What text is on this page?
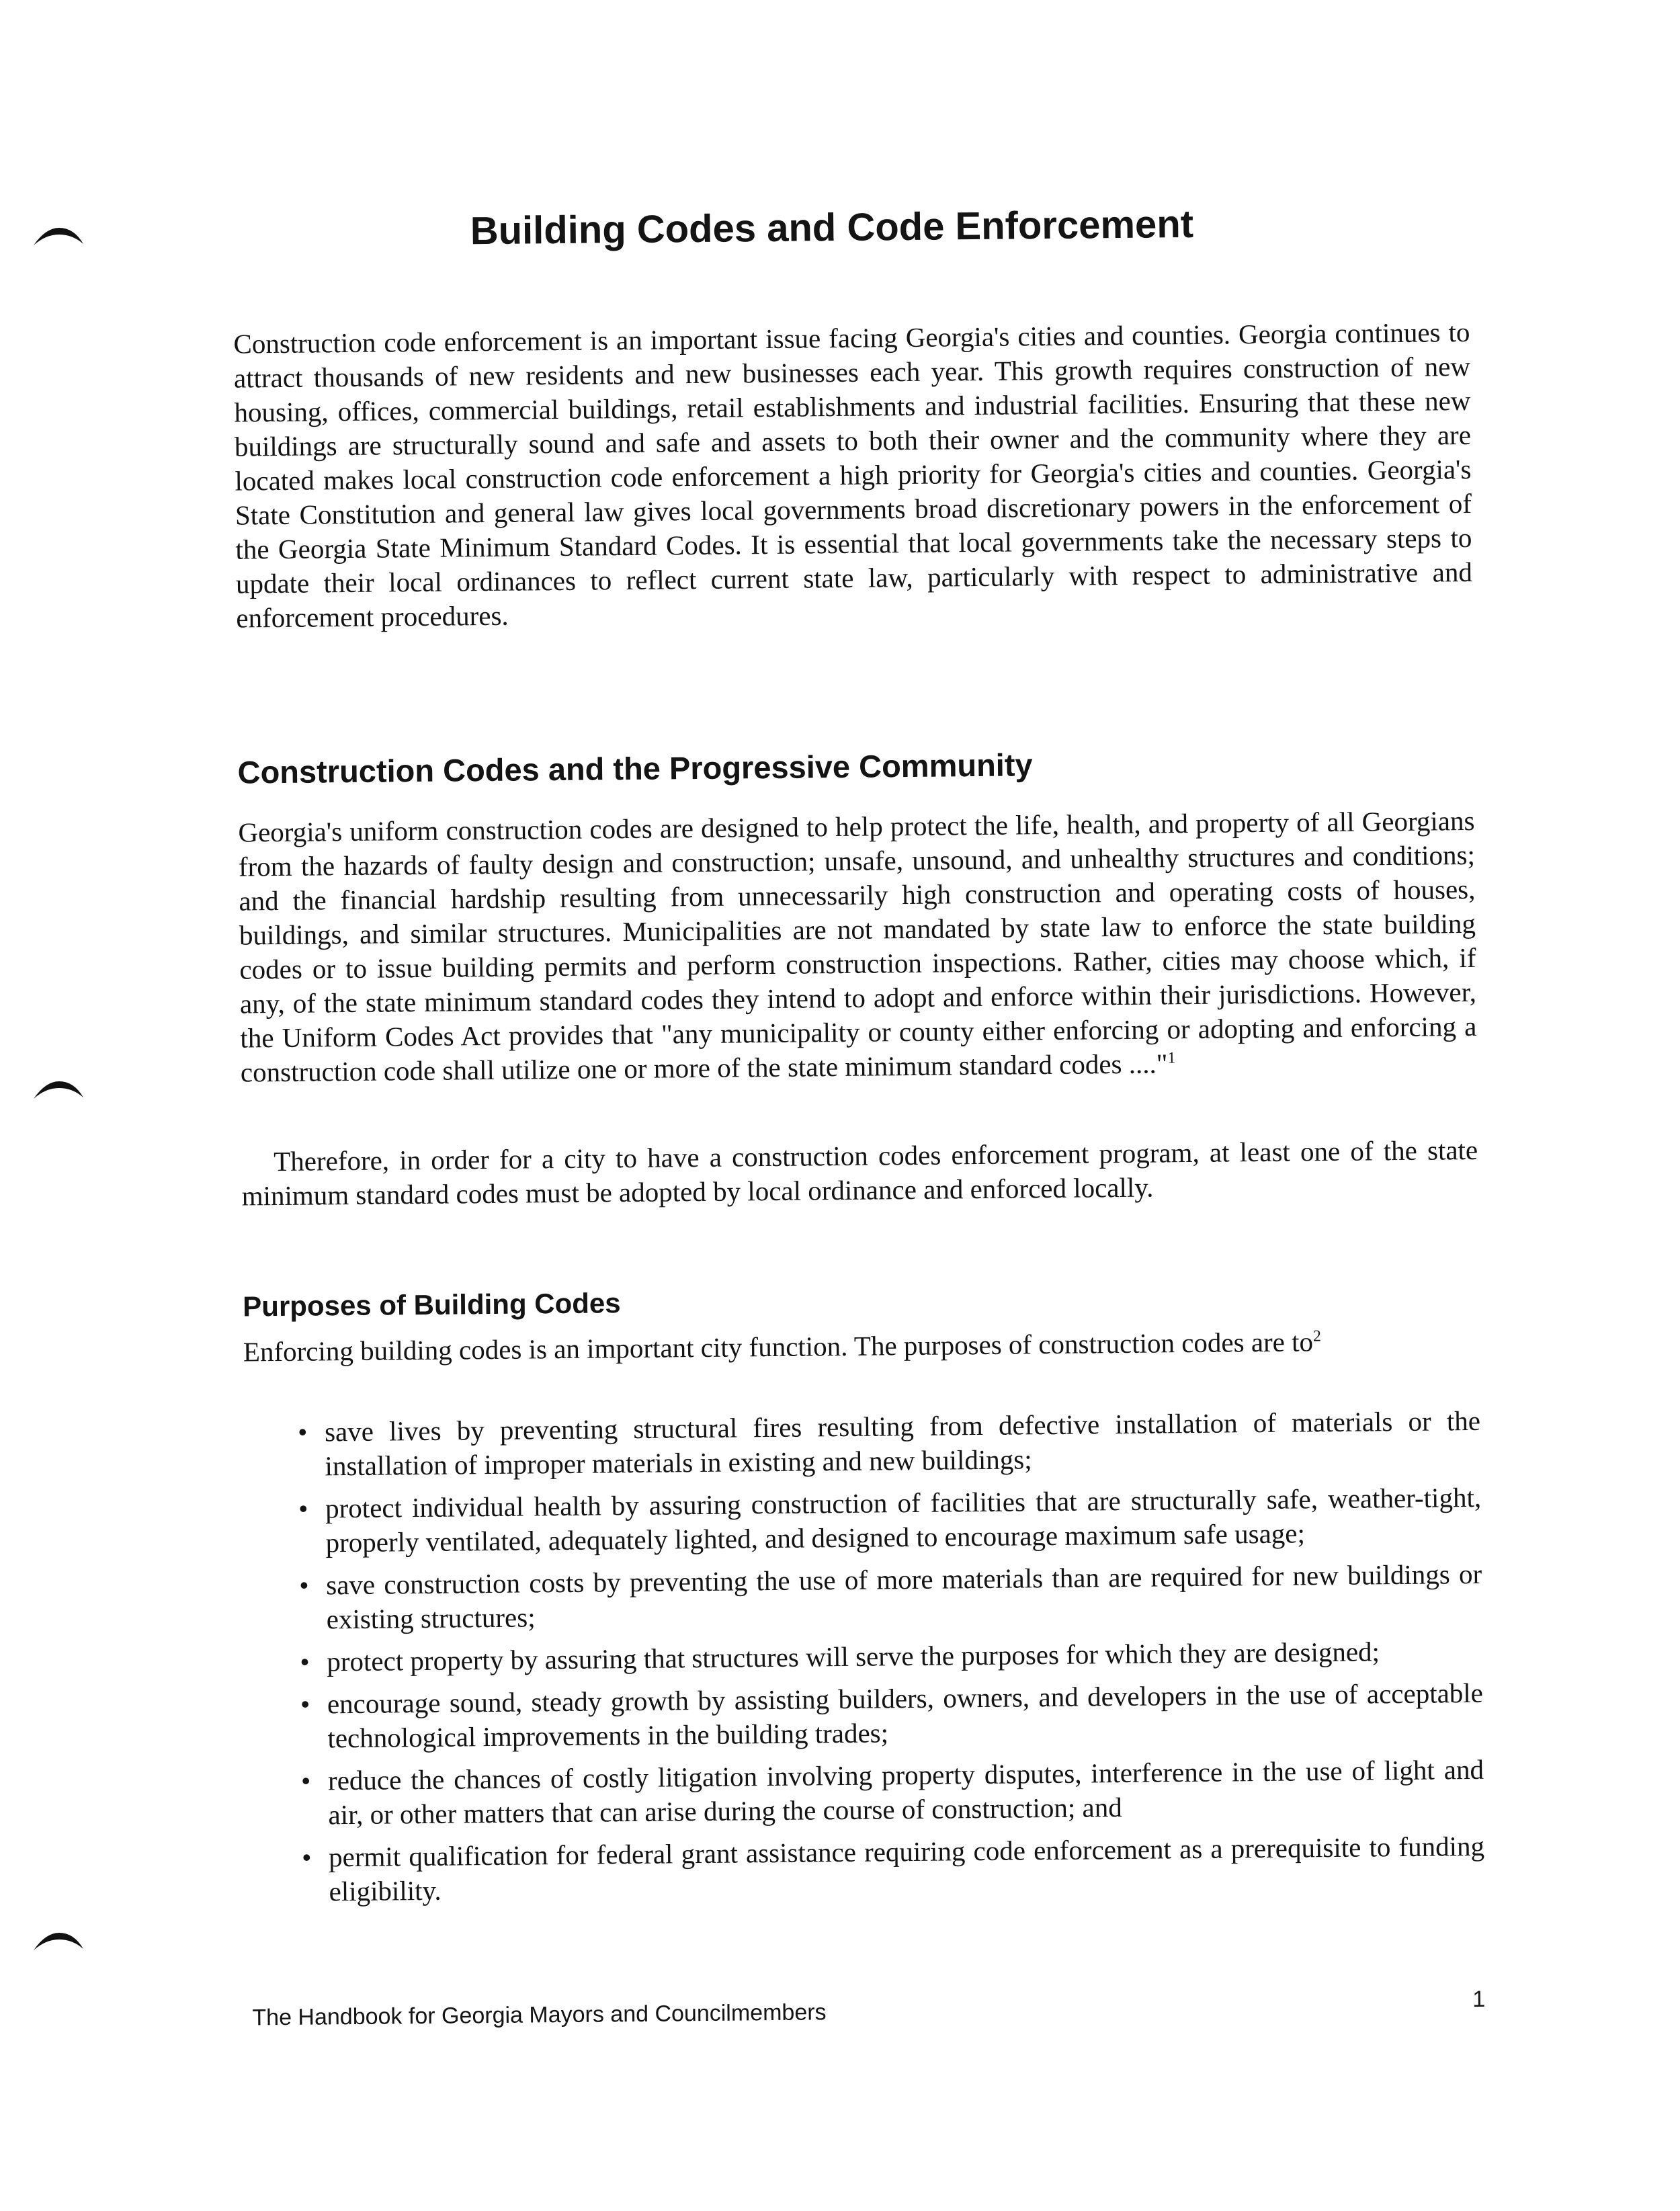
Building Codes and Code Enforcement

Construction code enforcement is an important issue facing Georgia's cities and counties. Georgia continues to attract thousands of new residents and new businesses each year. This growth requires construction of new housing, offices, commercial buildings, retail establishments and industrial facilities. Ensuring that these new buildings are structurally sound and safe and assets to both their owner and the community where they are located makes local construction code enforcement a high priority for Georgia's cities and counties. Georgia's State Constitution and general law gives local governments broad discretionary powers in the enforcement of the Georgia State Minimum Standard Codes. It is essential that local governments take the necessary steps to update their local ordinances to reflect current state law, particularly with respect to administrative and enforcement procedures.

Construction Codes and the Progressive Community

Georgia's uniform construction codes are designed to help protect the life, health, and property of all Georgians from the hazards of faulty design and construction; unsafe, unsound, and unhealthy structures and conditions; and the financial hardship resulting from unnecessarily high construction and operating costs of houses, buildings, and similar structures. Municipalities are not mandated by state law to enforce the state building codes or to issue building permits and perform construction inspections. Rather, cities may choose which, if any, of the state minimum standard codes they intend to adopt and enforce within their jurisdictions. However, the Uniform Codes Act provides that "any municipality or county either enforcing or adopting and enforcing a construction code shall utilize one or more of the state minimum standard codes ...."$^1$

Therefore, in order for a city to have a construction codes enforcement program, at least one of the state minimum standard codes must be adopted by local ordinance and enforced locally.

Purposes of Building Codes

Enforcing building codes is an important city function. The purposes of construction codes are $to^2$

• save lives by preventing structural fires resulting from defective installation of materials or the installation of improper materials in existing and new buildings;
• protect individual health by assuring construction of facilities that are structurally safe, weather-tight, properly ventilated, adequately lighted, and designed to encourage maximum safe usage;
• save construction costs by preventing the use of more materials than are required for new buildings or existing structures;
• protect property by assuring that structures will serve the purposes for which they are designed;
• encourage sound, steady growth by assisting builders, owners, and developers in the use of acceptable technological improvements in the building trades;
• reduce the chances of costly litigation involving property disputes, interference in the use of light and air, or other matters that can arise during the course of construction; and
• permit qualification for federal grant assistance requiring code enforcement as a prerequisite to funding eligibility.

The Handbook for Georgia Mayors and Councilmembers

1
